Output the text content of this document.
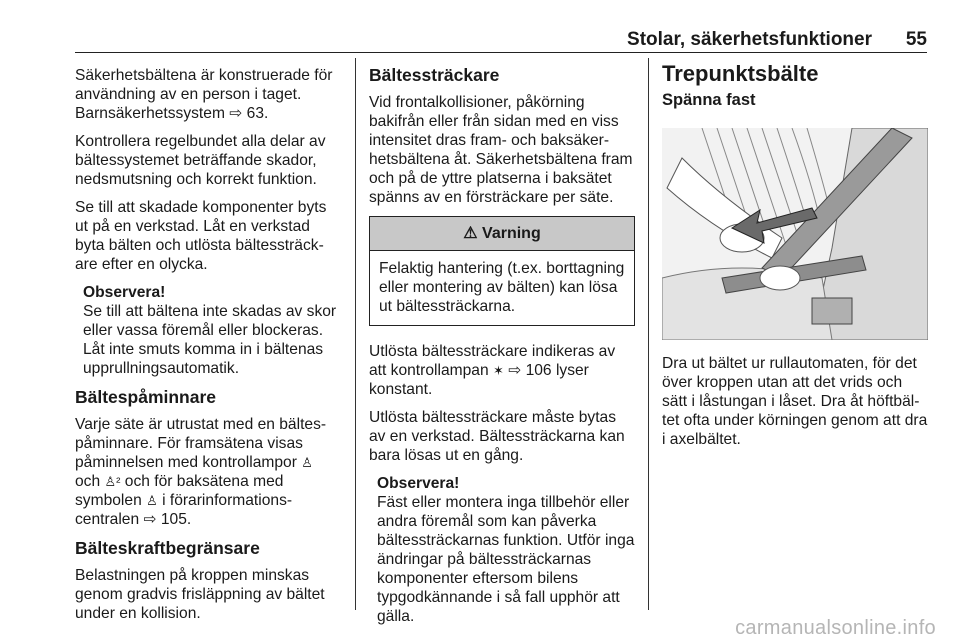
Stolar, säkerhetsfunktioner 55

Säkerhetsbältena är konstruerade för användning av en person i taget. Barnsäkerhetssystem ⇨ 63.

Kontrollera regelbundet alla delar av bältessystemet beträffande skador, nedsmutsning och korrekt funktion.

Se till att skadade komponenter byts ut på en verkstad. Låt en verkstad byta bälten och utlösta bältessträckare efter en olycka.

Observera!
Se till att bältena inte skadas av skor eller vassa föremål eller blockeras. Låt inte smuts komma in i bältenas upprullningsautomatik.
Bältespåminnare

Varje säte är utrustat med en bältespåminnare. För framsätena visas påminnelsen med kontrollampor ♙ och ♙² och för baksätena med symbolen ♙ i förarinformationscentralen ⇨ 105.

Bälteskraftbegränsare

Belastningen på kroppen minskas genom gradvis frisläppning av bältet under en kollision.

Bältessträckare

Vid frontalkollisioner, påkörning bakifrån eller från sidan med en viss intensitet dras fram- och baksäkerhetsbältena åt. Säkerhetsbältena fram och på de yttre platserna i baksätet spänns av en försträckare per säte.

⚠ Varning
Felaktig hantering (t.ex. borttagning eller montering av bälten) kan lösa ut bältessträckarna.

Utlösta bältessträckare indikeras av att kontrollampan ✶ ⇨ 106 lyser konstant.

Utlösta bältessträckare måste bytas av en verkstad. Bältessträckarna kan bara lösas ut en gång.

Observera!
Fäst eller montera inga tillbehör eller andra föremål som kan påverka bältessträckarnas funktion. Utför inga ändringar på bältessträckarnas komponenter eftersom bilens typgodkännande i så fall upphör att gälla.
Trepunktsbälte
Spänna fast

Dra ut bältet ur rullautomaten, för det över kroppen utan att det vrids och sätt i låstungan i låset. Dra åt höftbältet ofta under körningen genom att dra i axelbältet.

carmanualsonline.info
